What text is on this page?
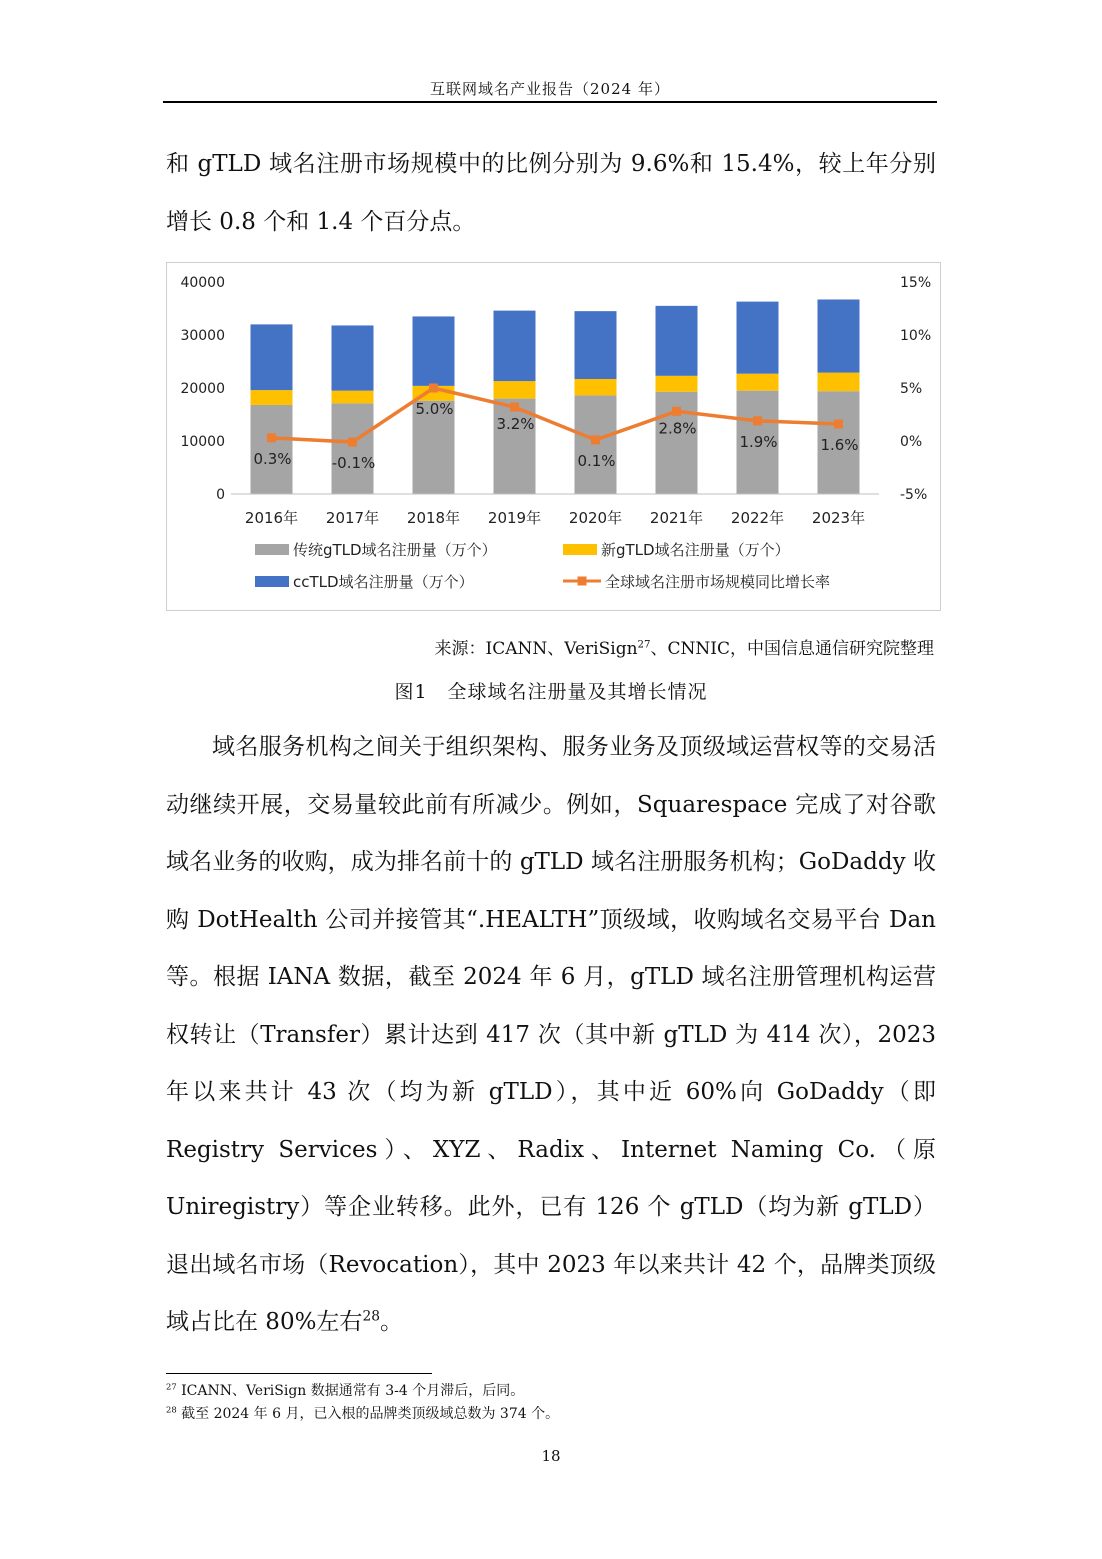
互联网域名产业报告（2024 年）

和 gTLD 域名注册市场规模中的比例分别为 9.6%和 15.4%，较上年分别增长 0.8 个和 1.4 个百分点。

40000
30000
20000
10000
0
15%
10%
5%
0%
-5%
2016年 2017年 2018年 2019年 2020年 2021年 2022年 2023年
0.3%	-0.1%
5.0%
3.2%
0.1%
2.8%
1.9%	1.6%
传统gTLD域名注册量（万个）	新gTLD域名注册量（万个）
ccTLD域名注册量（万个）	全球域名注册市场规模同比增长率
来源：ICANN、VeriSign$^{27}$、CNNIC，中国信息通信研究院整理
图1　全球域名注册量及其增长情况

域名服务机构之间关于组织架构、服务业务及顶级域运营权等的交易活动继续开展，交易量较此前有所减少。例如，Squarespace 完成了对谷歌域名业务的收购，成为排名前十的 gTLD 域名注册服务机构；GoDaddy 收购 DotHealth 公司并接管其“.HEALTH”顶级域，收购域名交易平台 Dan 等。根据 IANA 数据，截至 2024 年 6 月，gTLD 域名注册管理机构运营权转让（Transfer）累计达到 417 次（其中新 gTLD 为 414 次），2023 年以来共计 43 次（均为新 gTLD），其中近 60%向 GoDaddy（即 Registry Services）、XYZ、Radix、Internet Naming Co.（原 Uniregistry）等企业转移。此外，已有 126 个 gTLD（均为新 gTLD）退出域名市场（Revocation），其中 2023 年以来共计 42 个，品牌类顶级域占比在 80%左右$^{28}$。

$^{27}$ ICANN、VeriSign 数据通常有 3-4 个月滞后，后同。
$^{28}$ 截至 2024 年 6 月，已入根的品牌类顶级域总数为 374 个。
18
